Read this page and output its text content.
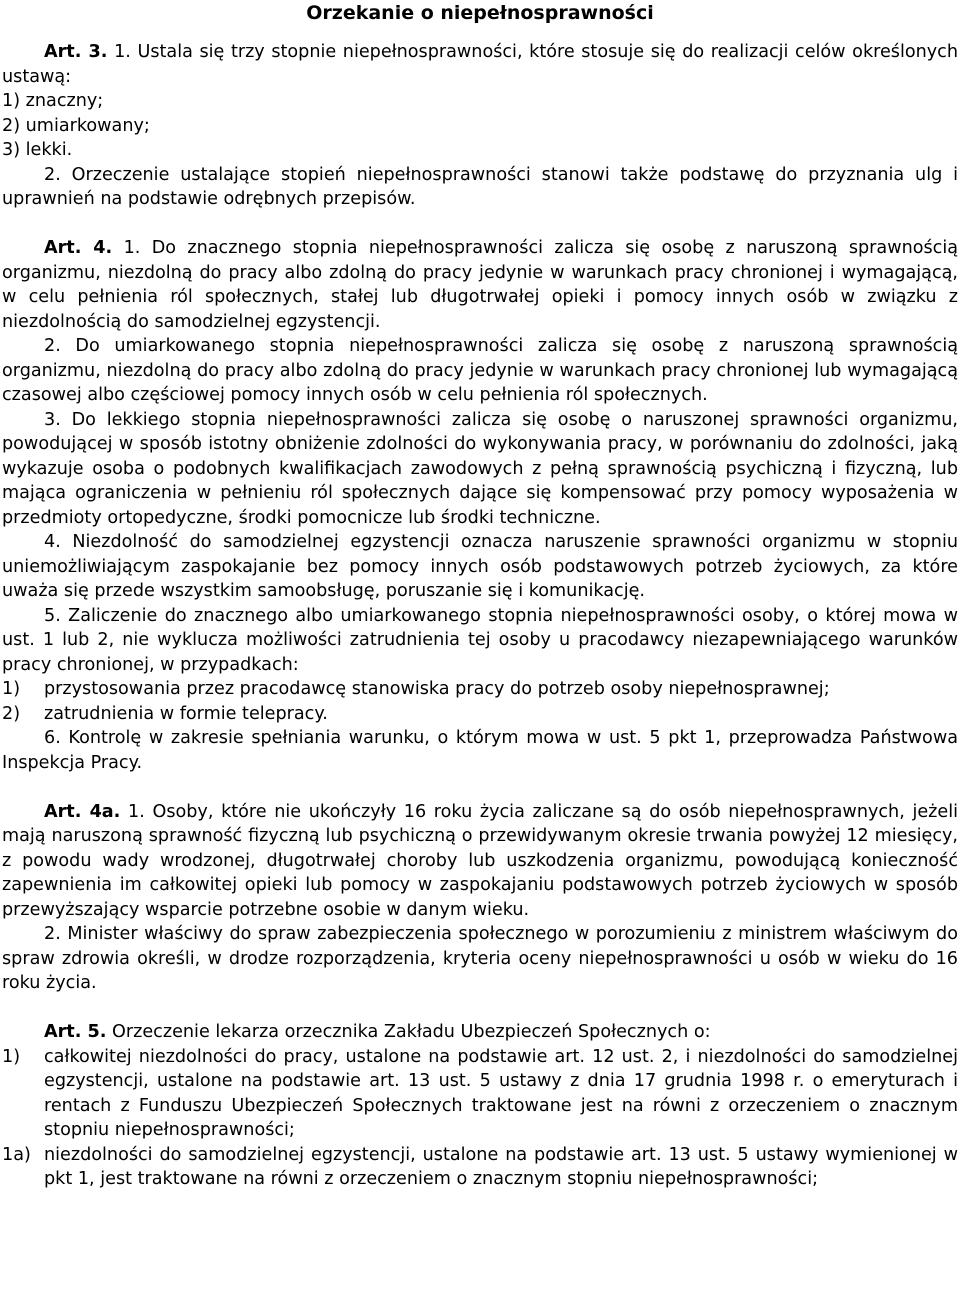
Orzekanie o niepełnosprawności

Art. 3. 1. Ustala się trzy stopnie niepełnosprawności, które stosuje się do realizacji celów określonych ustawą:

1) znaczny;

2) umiarkowany;

3) lekki.

2. Orzeczenie ustalające stopień niepełnosprawności stanowi także podstawę do przyznania ulg i uprawnień na podstawie odrębnych przepisów.

Art. 4. 1. Do znacznego stopnia niepełnosprawności zalicza się osobę z naruszoną sprawnością organizmu, niezdolną do pracy albo zdolną do pracy jedynie w warunkach pracy chronionej i wymagającą, w celu pełnienia ról społecznych, stałej lub długotrwałej opieki i pomocy innych osób w związku z niezdolnością do samodzielnej egzystencji.

2. Do umiarkowanego stopnia niepełnosprawności zalicza się osobę z naruszoną sprawnością organizmu, niezdolną do pracy albo zdolną do pracy jedynie w warunkach pracy chronionej lub wymagającą czasowej albo częściowej pomocy innych osób w celu pełnienia ról społecznych.

3. Do lekkiego stopnia niepełnosprawności zalicza się osobę o naruszonej sprawności organizmu, powodującej w sposób istotny obniżenie zdolności do wykonywania pracy, w porównaniu do zdolności, jaką wykazuje osoba o podobnych kwalifikacjach zawodowych z pełną sprawnością psychiczną i fizyczną, lub mająca ograniczenia w pełnieniu ról społecznych dające się kompensować przy pomocy wyposażenia w przedmioty ortopedyczne, środki pomocnicze lub środki techniczne.

4. Niezdolność do samodzielnej egzystencji oznacza naruszenie sprawności organizmu w stopniu uniemożliwiającym zaspokajanie bez pomocy innych osób podstawowych potrzeb życiowych, za które uważa się przede wszystkim samoobsługę, poruszanie się i komunikację.

5. Zaliczenie do znacznego albo umiarkowanego stopnia niepełnosprawności osoby, o której mowa w ust. 1 lub 2, nie wyklucza możliwości zatrudnienia tej osoby u pracodawcy niezapewniającego warunków pracy chronionej, w przypadkach:

1) przystosowania przez pracodawcę stanowiska pracy do potrzeb osoby niepełnosprawnej;
2) zatrudnienia w formie telepracy.

6. Kontrolę w zakresie spełniania warunku, o którym mowa w ust. 5 pkt 1, przeprowadza Państwowa Inspekcja Pracy.

Art. 4a. 1. Osoby, które nie ukończyły 16 roku życia zaliczane są do osób niepełnosprawnych, jeżeli mają naruszoną sprawność fizyczną lub psychiczną o przewidywanym okresie trwania powyżej 12 miesięcy, z powodu wady wrodzonej, długotrwałej choroby lub uszkodzenia organizmu, powodującą konieczność zapewnienia im całkowitej opieki lub pomocy w zaspokajaniu podstawowych potrzeb życiowych w sposób przewyższający wsparcie potrzebne osobie w danym wieku.

2. Minister właściwy do spraw zabezpieczenia społecznego w porozumieniu z ministrem właściwym do spraw zdrowia określi, w drodze rozporządzenia, kryteria oceny niepełnosprawności u osób w wieku do 16 roku życia.

Art. 5. Orzeczenie lekarza orzecznika Zakładu Ubezpieczeń Społecznych o:

1) całkowitej niezdolności do pracy, ustalone na podstawie art. 12 ust. 2, i niezdolności do samodzielnej egzystencji, ustalone na podstawie art. 13 ust. 5 ustawy z dnia 17 grudnia 1998 r. o emeryturach i rentach z Funduszu Ubezpieczeń Społecznych traktowane jest na równi z orzeczeniem o znacznym stopniu niepełnosprawności;
1a) niezdolności do samodzielnej egzystencji, ustalone na podstawie art. 13 ust. 5 ustawy wymienionej w pkt 1, jest traktowane na równi z orzeczeniem o znacznym stopniu niepełnosprawności;
